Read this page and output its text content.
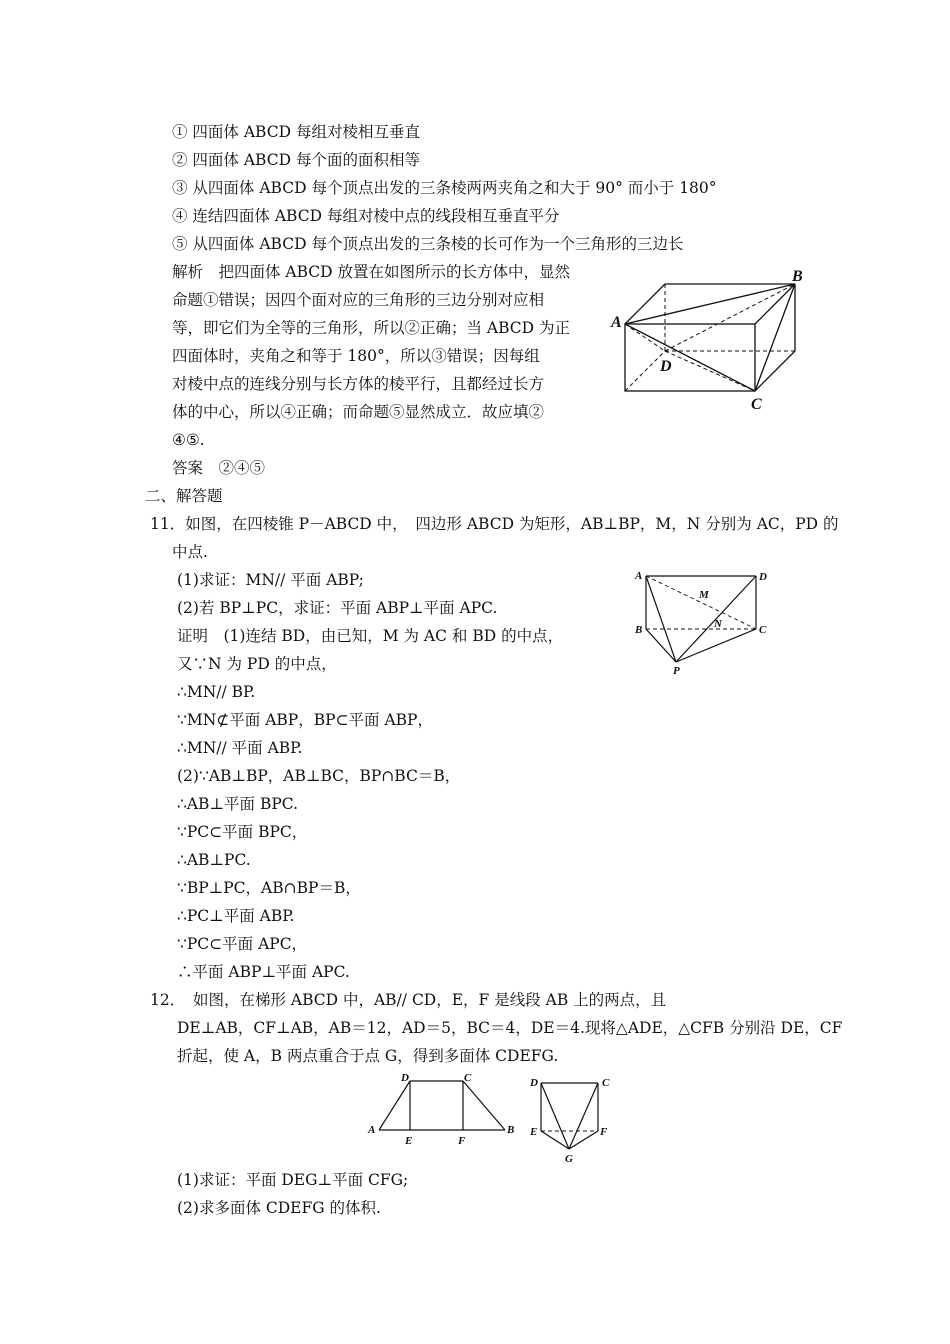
① 四面体 ABCD 每组对棱相互垂直
② 四面体 ABCD 每个面的面积相等
③ 从四面体 ABCD 每个顶点出发的三条棱两两夹角之和大于 90° 而小于 180°
④ 连结四面体 ABCD 每组对棱中点的线段相互垂直平分
⑤ 从四面体 ABCD 每个顶点出发的三条棱的长可作为一个三角形的三边长
解析　把四面体 ABCD 放置在如图所示的长方体中，显然
命题①错误；因四个面对应的三角形的三边分别对应相
等，即它们为全等的三角形，所以②正确；当 ABCD 为正
四面体时，夹角之和等于 180°，所以③错误；因每组
对棱中点的连线分别与长方体的棱平行，且都经过长方
体的中心，所以④正确；而命题⑤显然成立．故应填②
④⑤.
答案　②④⑤
A
B
C
D
二、解答题
11．如图，在四棱锥 P－ABCD 中，　四边形 ABCD 为矩形，AB⊥BP，M，N 分别为 AC，PD 的
中点.
(1)求证：MN// 平面 ABP;
(2)若 BP⊥PC，求证：平面 ABP⊥平面 APC.
证明　(1)连结 BD，由已知，M 为 AC 和 BD 的中点，
又∵N 为 PD 的中点，
∴MN// BP.
∵MN⊄平面 ABP，BP⊂平面 ABP，
∴MN// 平面 ABP.
(2)∵AB⊥BP，AB⊥BC，BP∩BC＝B，
∴AB⊥平面 BPC.
∵PC⊂平面 BPC，
∴AB⊥PC.
∵BP⊥PC，AB∩BP＝B，
∴PC⊥平面 ABP.
∵PC⊂平面 APC，
∴平面 ABP⊥平面 APC.
A	D
B	C
M
N
P
12．　如图，在梯形 ABCD 中，AB// CD，E，F 是线段 AB 上的两点，且
DE⊥AB，CF⊥AB，AB＝12，AD＝5，BC＝4，DE＝4.现将△ADE，△CFB 分别沿 DE，CF
折起，使 A，B 两点重合于点 G，得到多面体 CDEFG.
D	C
A	B
E	F
D	C
E	F
G
(1)求证：平面 DEG⊥平面 CFG;
(2)求多面体 CDEFG 的体积.
